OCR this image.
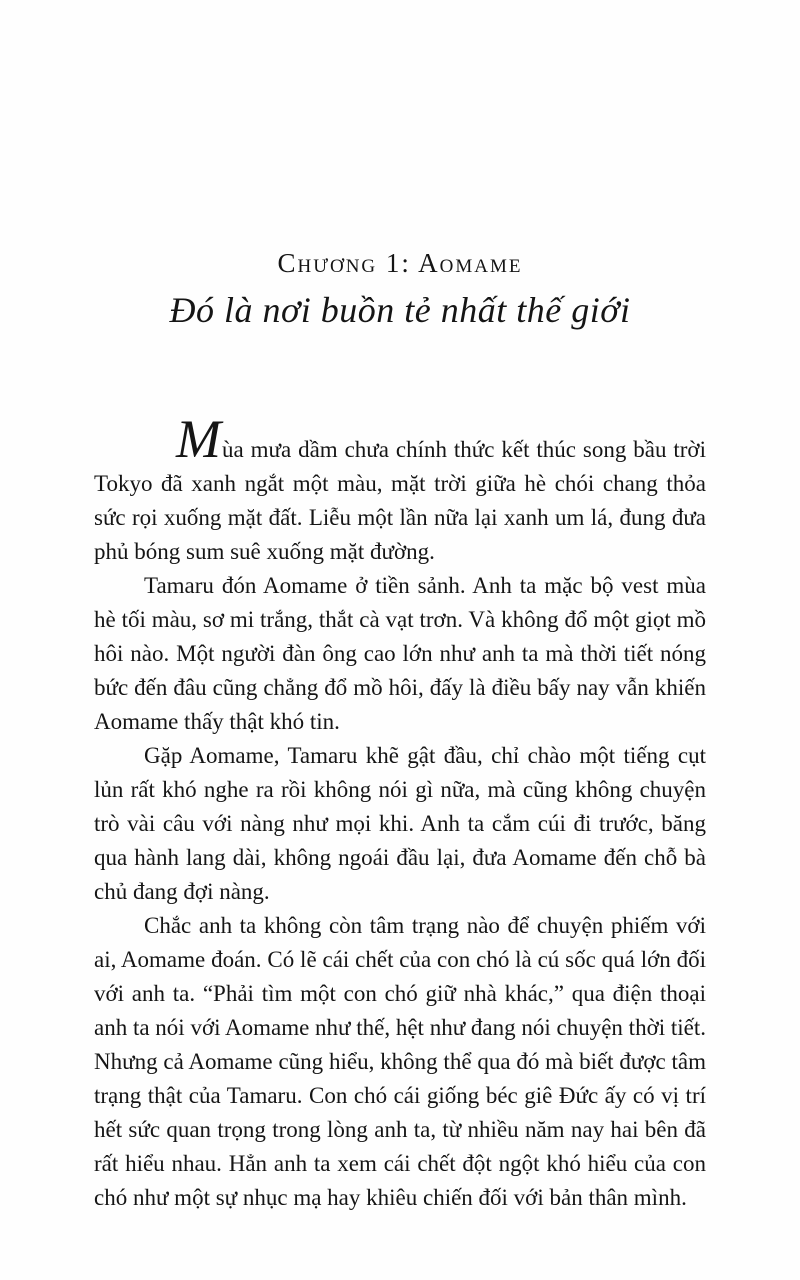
Chương 1: Aomame
Đó là nơi buồn tẻ nhất thế giới

Mùa mưa dầm chưa chính thức kết thúc song bầu trời Tokyo đã xanh ngắt một màu, mặt trời giữa hè chói chang thỏa sức rọi xuống mặt đất. Liễu một lần nữa lại xanh um lá, đung đưa phủ bóng sum suê xuống mặt đường.

Tamaru đón Aomame ở tiền sảnh. Anh ta mặc bộ vest mùa hè tối màu, sơ mi trắng, thắt cà vạt trơn. Và không đổ một giọt mồ hôi nào. Một người đàn ông cao lớn như anh ta mà thời tiết nóng bức đến đâu cũng chẳng đổ mồ hôi, đấy là điều bấy nay vẫn khiến Aomame thấy thật khó tin.

Gặp Aomame, Tamaru khẽ gật đầu, chỉ chào một tiếng cụt lủn rất khó nghe ra rồi không nói gì nữa, mà cũng không chuyện trò vài câu với nàng như mọi khi. Anh ta cắm cúi đi trước, băng qua hành lang dài, không ngoái đầu lại, đưa Aomame đến chỗ bà chủ đang đợi nàng.

Chắc anh ta không còn tâm trạng nào để chuyện phiếm với ai, Aomame đoán. Có lẽ cái chết của con chó là cú sốc quá lớn đối với anh ta. “Phải tìm một con chó giữ nhà khác,” qua điện thoại anh ta nói với Aomame như thế, hệt như đang nói chuyện thời tiết. Nhưng cả Aomame cũng hiểu, không thể qua đó mà biết được tâm trạng thật của Tamaru. Con chó cái giống béc giê Đức ấy có vị trí hết sức quan trọng trong lòng anh ta, từ nhiều năm nay hai bên đã rất hiểu nhau. Hẳn anh ta xem cái chết đột ngột khó hiểu của con chó như một sự nhục mạ hay khiêu chiến đối với bản thân mình.
